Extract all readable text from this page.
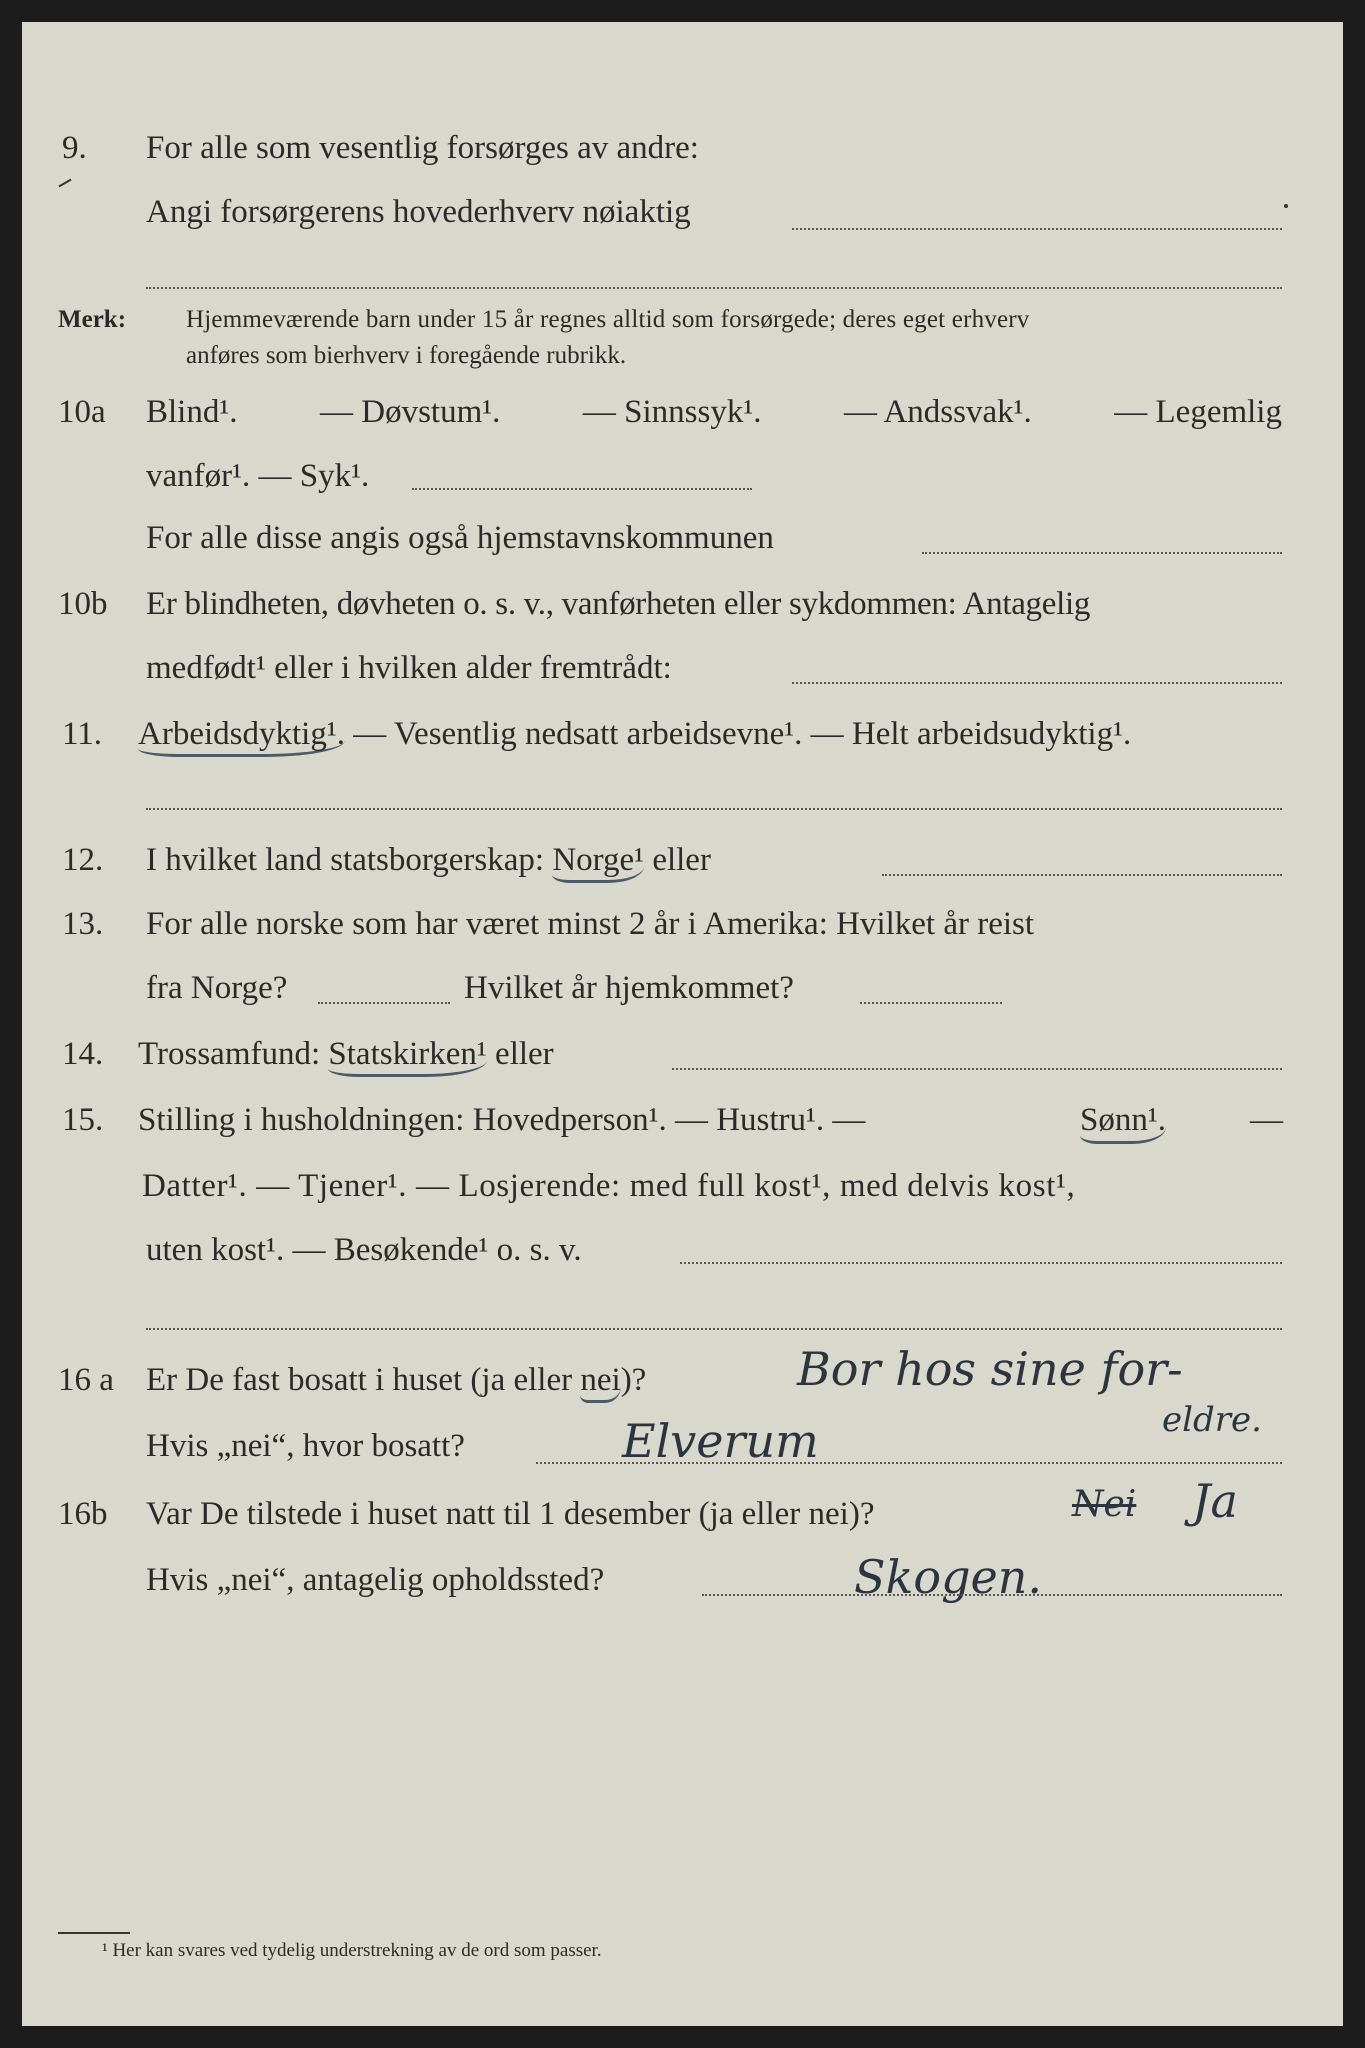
9. For alle som vesentlig forsørges av andre:
Angi forsørgerens hovederhverv nøiaktig
Merk: Hjemmeværende barn under 15 år regnes alltid som forsørgede; deres eget erhverv
anføres som bierhverv i foregående rubrikk.
10a Blind¹.	— Døvstum¹.	— Sinnssyk¹.	— Andssvak¹.	— Legemlig
vanfør¹. — Syk¹.
For alle disse angis også hjemstavnskommunen
10b Er blindheten, døvheten o. s. v., vanførheten eller sykdommen: Antagelig
medfødt¹ eller i hvilken alder fremtrådt:
11. Arbeidsdyktig¹. — Vesentlig nedsatt arbeidsevne¹. — Helt arbeidsudyktig¹.
12. I hvilket land statsborgerskap: Norge¹ eller
13. For alle norske som har været minst 2 år i Amerika: Hvilket år reist
fra Norge?	Hvilket år hjemkommet?
14. Trossamfund: Statskirken¹ eller
15. Stilling i husholdningen: Hovedperson¹. — Hustru¹. —	Sønn¹.	—
Datter¹. — Tjener¹. — Losjerende: med full kost¹, med delvis kost¹,
uten kost¹. — Besøkende¹ o. s. v.
16 a Er De fast bosatt i huset (ja eller nei)?	Bor hos sine for-
eldre.
Hvis „nei“, hvor bosatt?	Elverum
16b Var De tilstede i huset natt til 1 desember (ja eller nei)?	Nei Ja
Hvis „nei“, antagelig opholdssted?	Skogen.
¹ Her kan svares ved tydelig understrekning av de ord som passer.
